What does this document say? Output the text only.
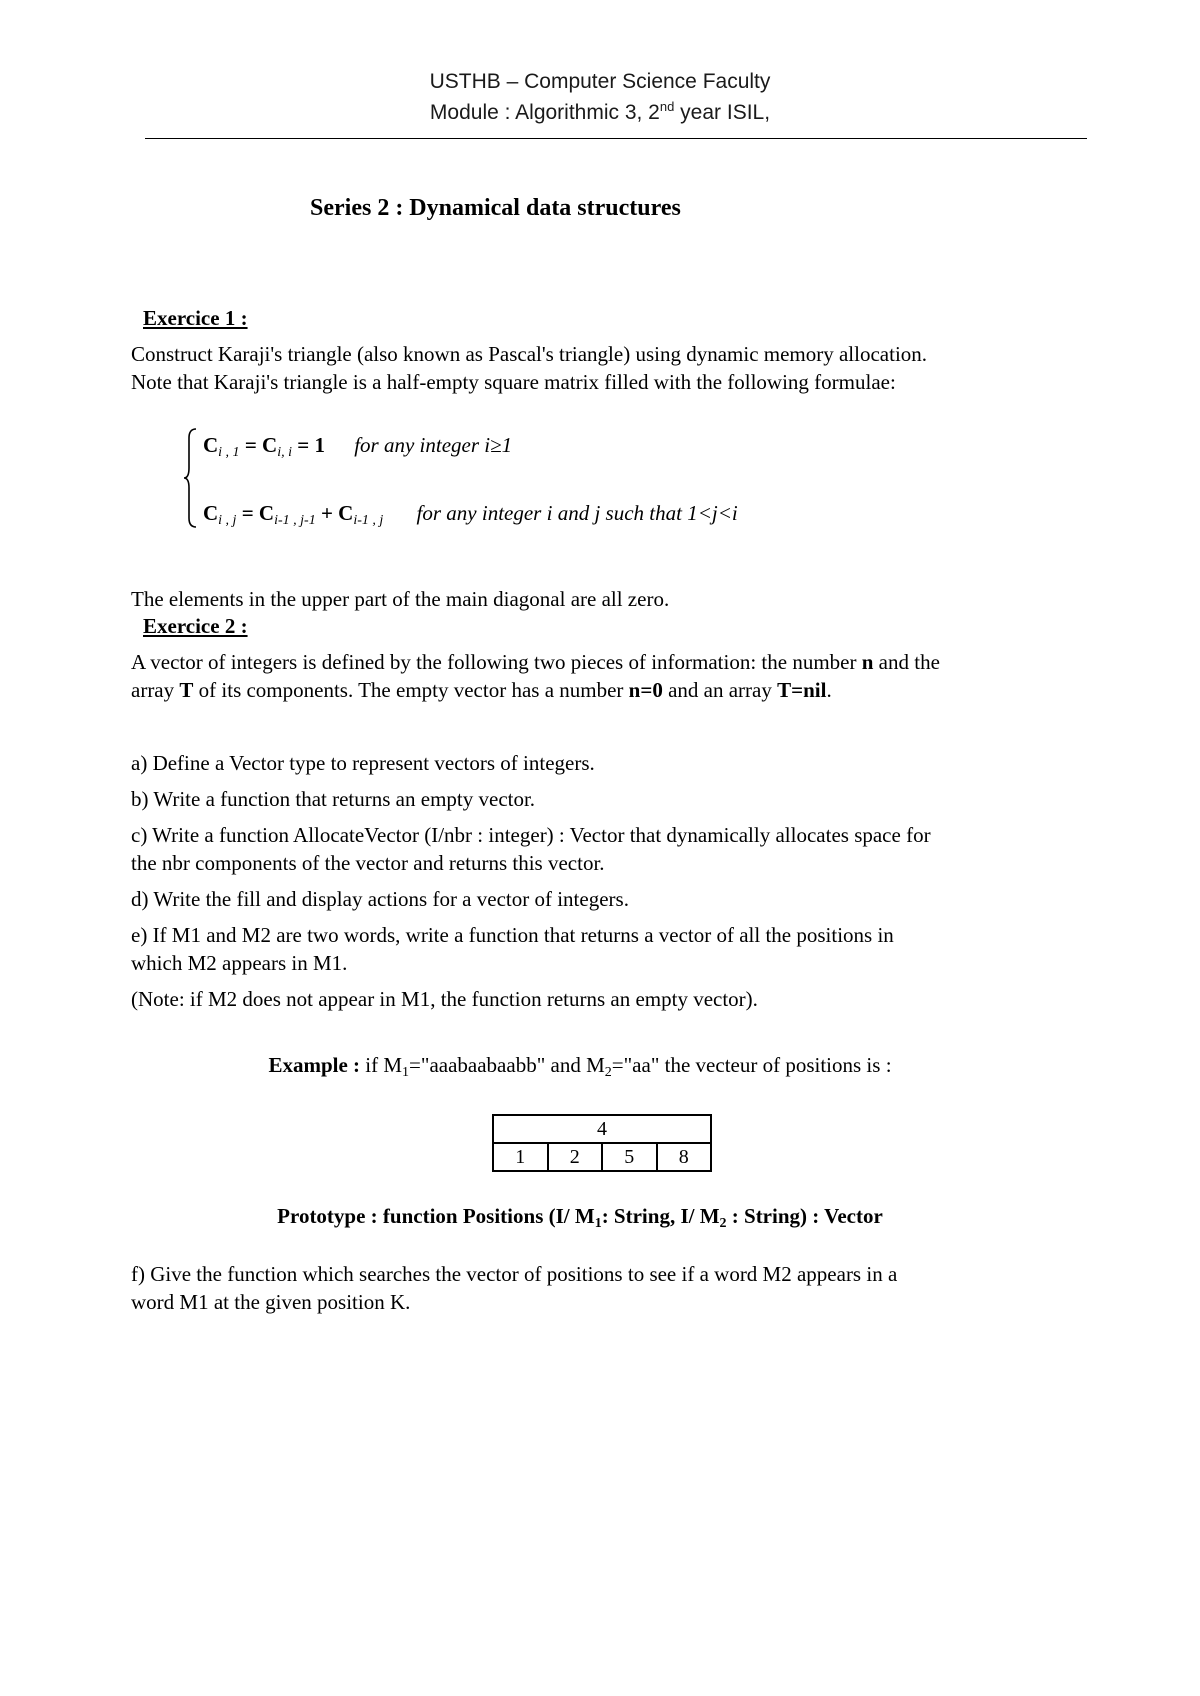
USTHB – Computer Science Faculty
Module : Algorithmic 3, 2nd year ISIL,
Series 2 : Dynamical data structures
Exercice 1 :
Construct Karaji's triangle (also known as Pascal's triangle) using dynamic memory allocation.
Note that Karaji's triangle is a half-empty square matrix filled with the following formulae:
$C_{i , 1} = C_{i, i} = 1$ for any integer i≥1
$C_{i , j} = C_{i-1 , j-1} + C_{i-1 , j}$ for any integer i and j such that 1<j<i
The elements in the upper part of the main diagonal are all zero.
Exercice 2 :
A vector of integers is defined by the following two pieces of information: the number n and the
array T of its components. The empty vector has a number n=0 and an array T=nil.
a) Define a Vector type to represent vectors of integers.
b) Write a function that returns an empty vector.
c) Write a function AllocateVector (I/nbr : integer) : Vector that dynamically allocates space for
the nbr components of the vector and returns this vector.
d) Write the fill and display actions for a vector of integers.
e) If M1 and M2 are two words, write a function that returns a vector of all the positions in
which M2 appears in M1.
(Note: if M2 does not appear in M1, the function returns an empty vector).
Example : if $M_1="aaabaabaabb$" and $M_2="aa$" the vecteur of positions is :
4
1	2	5	8
Prototype : function Positions (I/ $M_1$: String, I/ $M_2$ : String) : Vector
f) Give the function which searches the vector of positions to see if a word M2 appears in a
word M1 at the given position K.
